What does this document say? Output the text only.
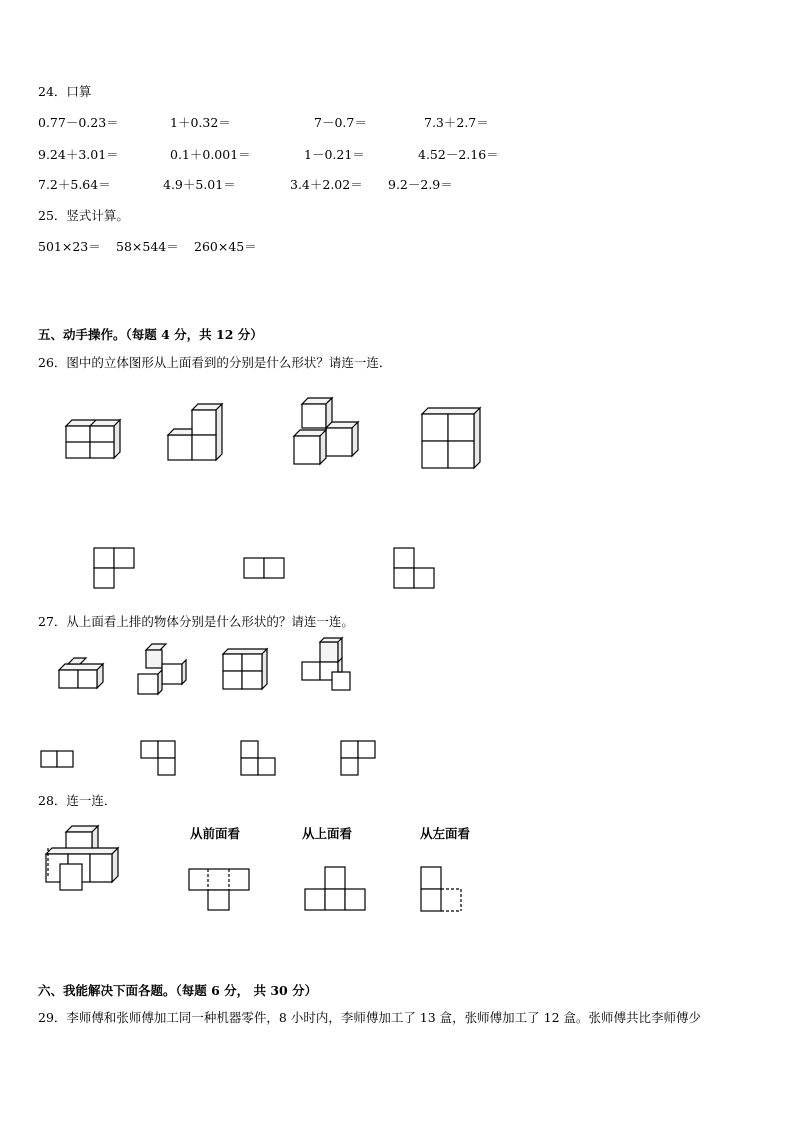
24．口算
0.77－0.23＝	1＋0.32＝	7－0.7＝	7.3＋2.7＝
9.24＋3.01＝	0.1＋0.001＝	1－0.21＝	4.52－2.16＝
7.2＋5.64＝	4.9＋5.01＝	3.4＋2.02＝ 9.2－2.9＝
25．竖式计算。
501×23＝ 58×544＝ 260×45＝
五、动手操作。（每题 4 分，共 12 分）
26．图中的立体图形从上面看到的分别是什么形状？请连一连．
27．从上面看上排的物体分别是什么形状的？请连一连。
28．连一连．
从前面看	从上面看	从左面看
六、我能解决下面各题。（每题 6 分， 共 30 分）
29．李师傅和张师傅加工同一种机器零件，8 小时内，李师傅加工了 13 盒，张师傅加工了 12 盒。张师傅共比李师傅少
